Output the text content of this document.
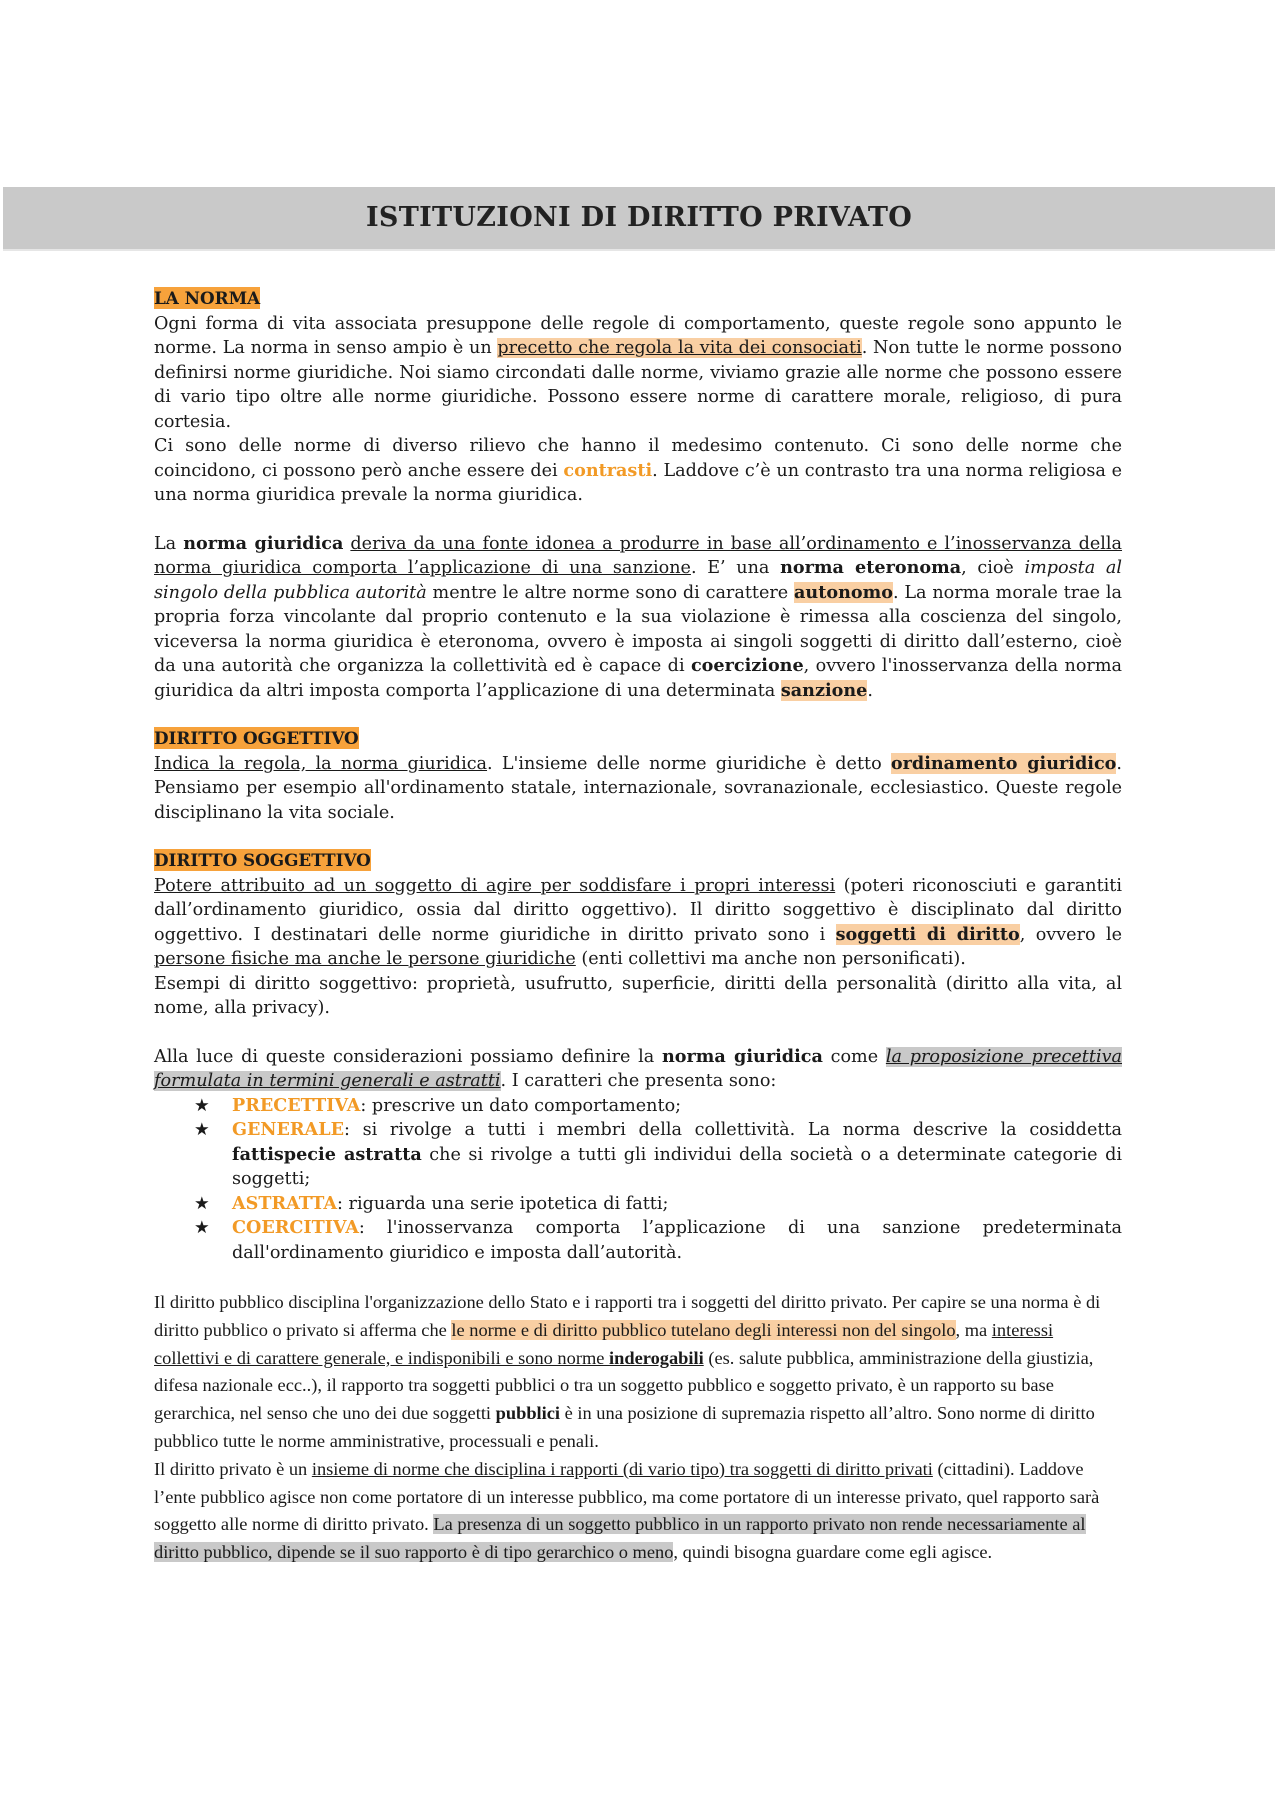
ISTITUZIONI DI DIRITTO PRIVATO
LA NORMA

Ogni forma di vita associata presuppone delle regole di comportamento, queste regole sono appunto le norme. La norma in senso ampio è un precetto che regola la vita dei consociati. Non tutte le norme possono definirsi norme giuridiche. Noi siamo circondati dalle norme, viviamo grazie alle norme che possono essere di vario tipo oltre alle norme giuridiche. Possono essere norme di carattere morale, religioso, di pura cortesia.

Ci sono delle norme di diverso rilievo che hanno il medesimo contenuto. Ci sono delle norme che coincidono, ci possono però anche essere dei contrasti. Laddove c’è un contrasto tra una norma religiosa e una norma giuridica prevale la norma giuridica.

La norma giuridica deriva da una fonte idonea a produrre in base all’ordinamento e l’inosservanza della norma giuridica comporta l’applicazione di una sanzione. E’ una norma eteronoma, cioè imposta al singolo della pubblica autorità mentre le altre norme sono di carattere autonomo. La norma morale trae la propria forza vincolante dal proprio contenuto e la sua violazione è rimessa alla coscienza del singolo, viceversa la norma giuridica è eteronoma, ovvero è imposta ai singoli soggetti di diritto dall’esterno, cioè da una autorità che organizza la collettività ed è capace di coercizione, ovvero l'inosservanza della norma giuridica da altri imposta comporta l’applicazione di una determinata sanzione.

DIRITTO OGGETTIVO

Indica la regola, la norma giuridica. L'insieme delle norme giuridiche è detto ordinamento giuridico. Pensiamo per esempio all'ordinamento statale, internazionale, sovranazionale, ecclesiastico. Queste regole disciplinano la vita sociale.

DIRITTO SOGGETTIVO

Potere attribuito ad un soggetto di agire per soddisfare i propri interessi (poteri riconosciuti e garantiti dall’ordinamento giuridico, ossia dal diritto oggettivo). Il diritto soggettivo è disciplinato dal diritto oggettivo. I destinatari delle norme giuridiche in diritto privato sono i soggetti di diritto, ovvero le persone fisiche ma anche le persone giuridiche (enti collettivi ma anche non personificati).

Esempi di diritto soggettivo: proprietà, usufrutto, superficie, diritti della personalità (diritto alla vita, al nome, alla privacy).

Alla luce di queste considerazioni possiamo definire la norma giuridica come la proposizione precettiva formulata in termini generali e astratti. I caratteri che presenta sono:

★ PRECETTIVA: prescrive un dato comportamento;
★ GENERALE: si rivolge a tutti i membri della collettività. La norma descrive la cosiddetta fattispecie astratta che si rivolge a tutti gli individui della società o a determinate categorie di soggetti;
★ ASTRATTA: riguarda una serie ipotetica di fatti;
★ COERCITIVA: l'inosservanza comporta l’applicazione di una sanzione predeterminata dall'ordinamento giuridico e imposta dall’autorità.

Il diritto pubblico disciplina l'organizzazione dello Stato e i rapporti tra i soggetti del diritto privato. Per capire se una norma è di diritto pubblico o privato si afferma che le norme e di diritto pubblico tutelano degli interessi non del singolo, ma interessi collettivi e di carattere generale, e indisponibili e sono norme inderogabili (es. salute pubblica, amministrazione della giustizia, difesa nazionale ecc..), il rapporto tra soggetti pubblici o tra un soggetto pubblico e soggetto privato, è un rapporto su base gerarchica, nel senso che uno dei due soggetti pubblici è in una posizione di supremazia rispetto all’altro. Sono norme di diritto pubblico tutte le norme amministrative, processuali e penali.

Il diritto privato è un insieme di norme che disciplina i rapporti (di vario tipo) tra soggetti di diritto privati (cittadini). Laddove l’ente pubblico agisce non come portatore di un interesse pubblico, ma come portatore di un interesse privato, quel rapporto sarà soggetto alle norme di diritto privato. La presenza di un soggetto pubblico in un rapporto privato non rende necessariamente al diritto pubblico, dipende se il suo rapporto è di tipo gerarchico o meno, quindi bisogna guardare come egli agisce.
